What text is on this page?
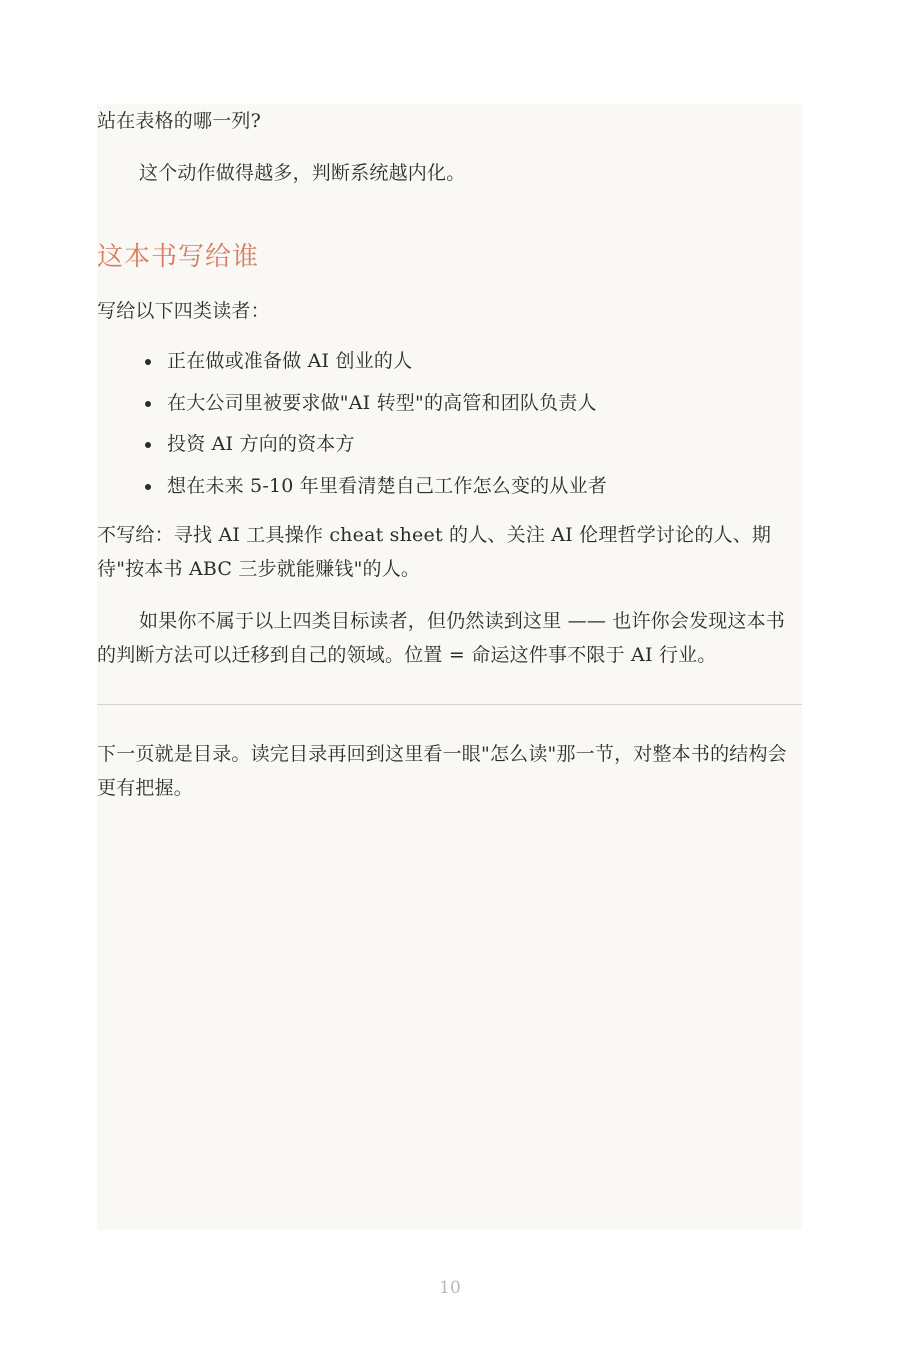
站在表格的哪一列?

这个动作做得越多，判断系统越内化。

这本书写给谁

写给以下四类读者：

正在做或准备做 AI 创业的人
在大公司里被要求做"AI 转型"的高管和团队负责人
投资 AI 方向的资本方
想在未来 5-10 年里看清楚自己工作怎么变的从业者

不写给：寻找 AI 工具操作 cheat sheet 的人、关注 AI 伦理哲学讨论的人、期待"按本书 ABC 三步就能赚钱"的人。

如果你不属于以上四类目标读者，但仍然读到这里 —— 也许你会发现这本书的判断方法可以迁移到自己的领域。位置 = 命运这件事不限于 AI 行业。

下一页就是目录。读完目录再回到这里看一眼"怎么读"那一节，对整本书的结构会更有把握。

10
